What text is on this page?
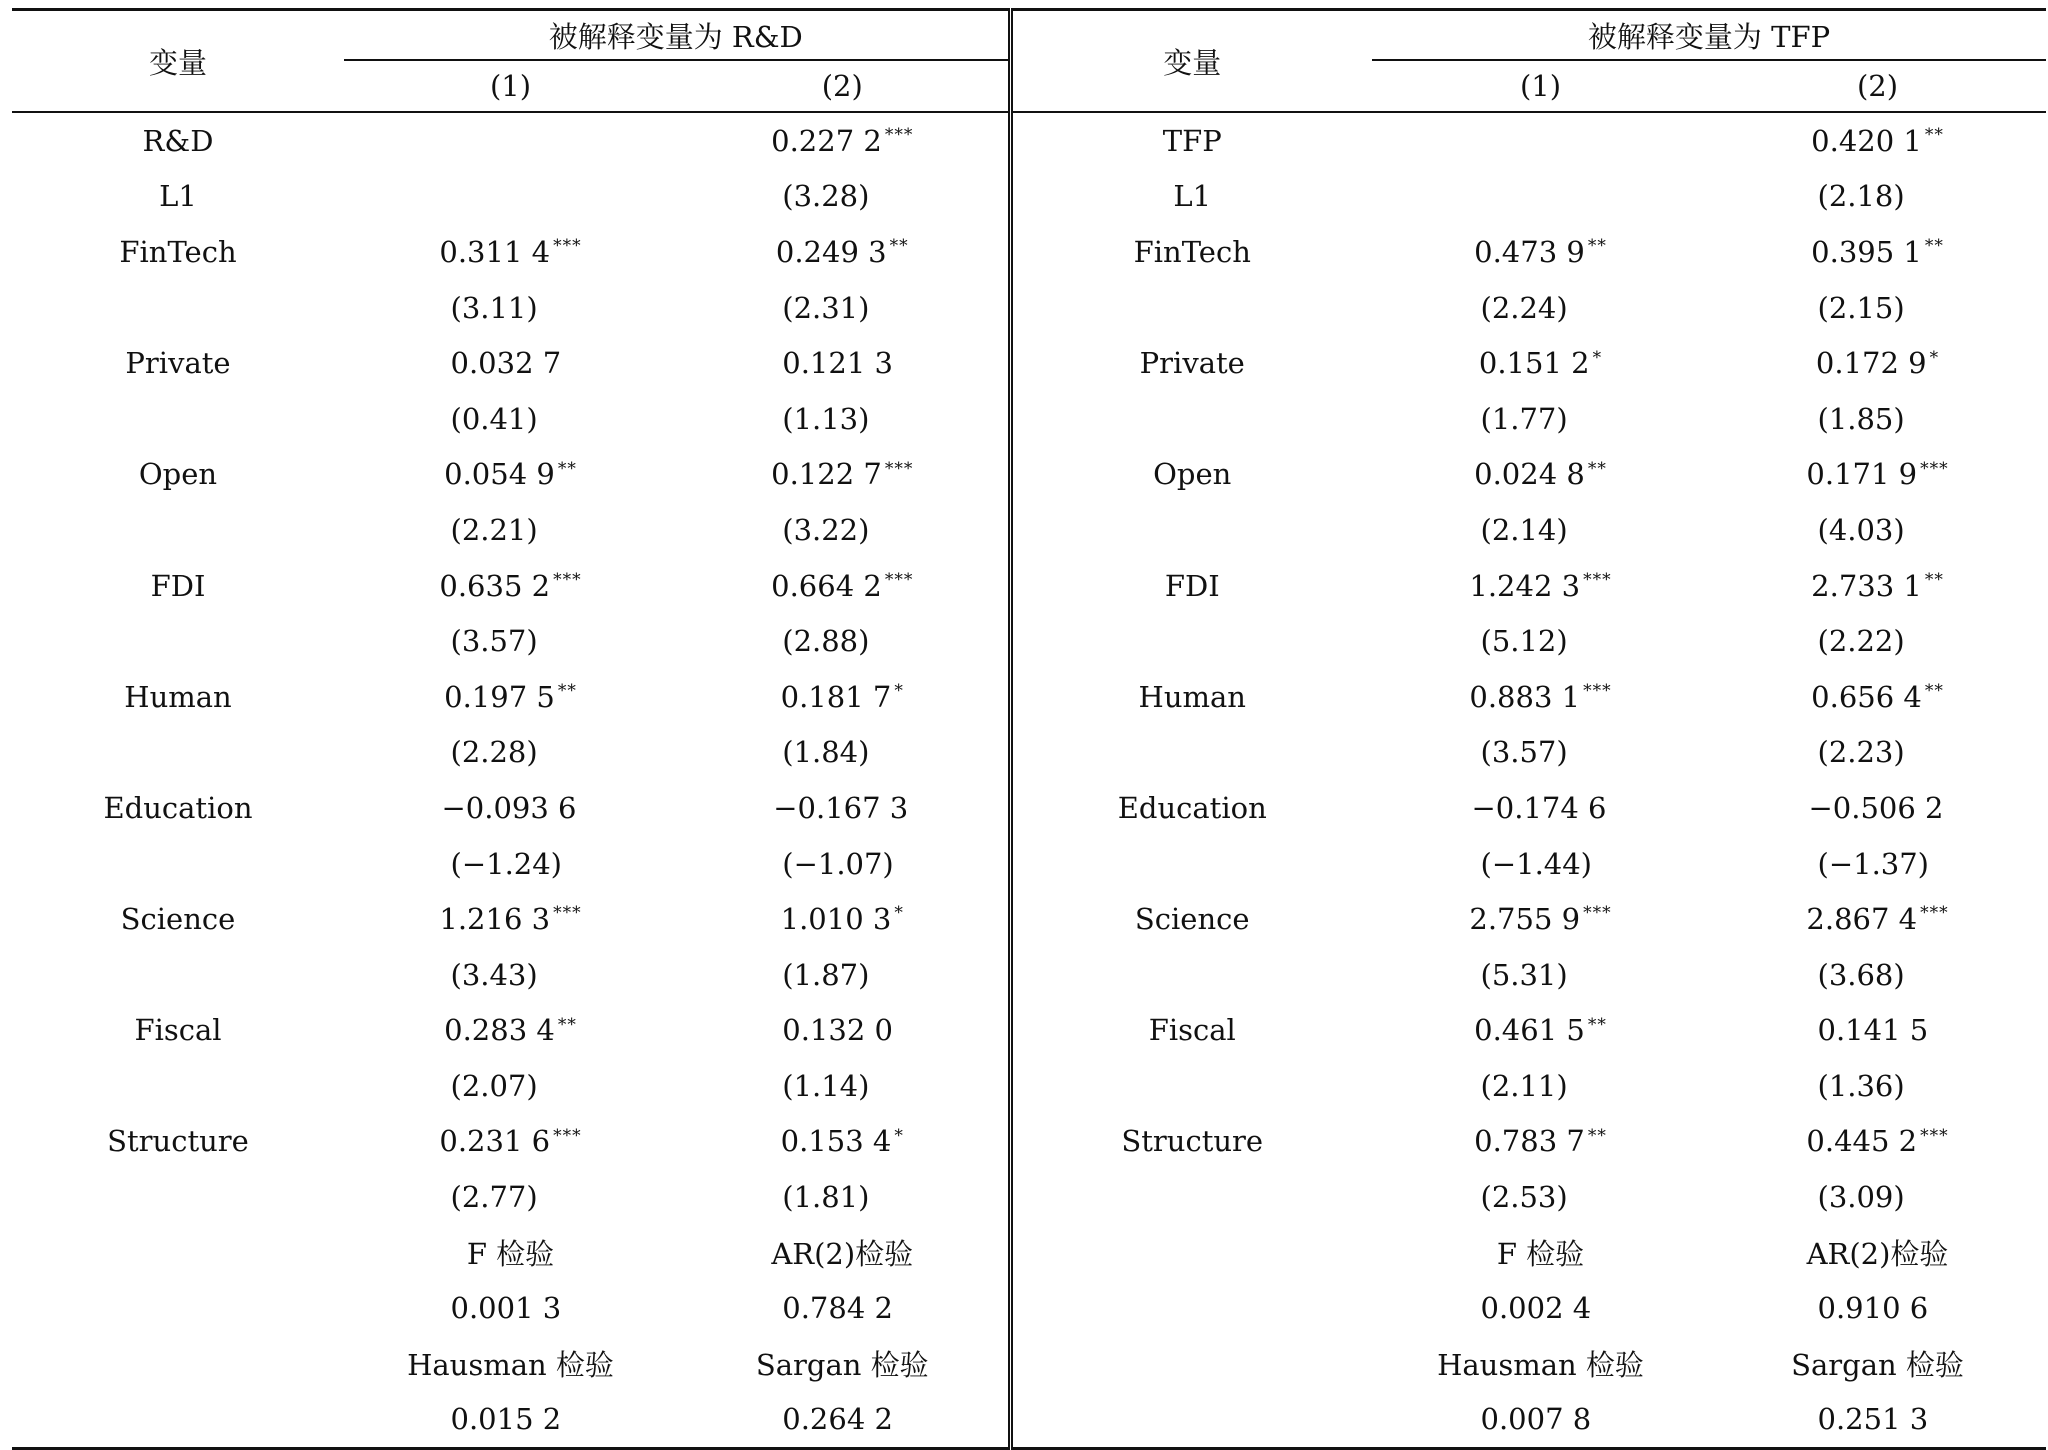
变量	被解释变量为 R&D		变量	被解释变量为 TFP	
	(1)	(2)		(1)	(2)
R&D		0.227 2 ***	TFP		0.420 1 **
L1		(3.28)	L1		(2.18)
FinTech	0.311 4 ***	0.249 3 **	FinTech	0.473 9 **	0.395 1 **
	(3.11)	(2.31)		(2.24)	(2.15)
Private	0.032 7	0.121 3	Private	0.151 2 *	0.172 9 *
	(0.41)	(1.13)		(1.77)	(1.85)
Open	0.054 9 **	0.122 7 ***	Open	0.024 8 **	0.171 9 ***
	(2.21)	(3.22)		(2.14)	(4.03)
FDI	0.635 2 ***	0.664 2 ***	FDI	1.242 3 ***	2.733 1 **
	(3.57)	(2.88)		(5.12)	(2.22)
Human	0.197 5 **	0.181 7 *	Human	0.883 1 ***	0.656 4 **
	(2.28)	(1.84)		(3.57)	(2.23)
Education	−0.093 6	−0.167 3	Education	−0.174 6	−0.506 2
	(−1.24)	(−1.07)		(−1.44)	(−1.37)
Science	1.216 3 ***	1.010 3 *	Science	2.755 9 ***	2.867 4 ***
	(3.43)	(1.87)		(5.31)	(3.68)
Fiscal	0.283 4 **	0.132 0	Fiscal	0.461 5 **	0.141 5
	(2.07)	(1.14)		(2.11)	(1.36)
Structure	0.231 6 ***	0.153 4 *	Structure	0.783 7 **	0.445 2 ***
	(2.77)	(1.81)		(2.53)	(3.09)
	F 检验	AR(2)检验		F 检验	AR(2)检验
	0.001 3	0.784 2		0.002 4	0.910 6
	Hausman 检验	Sargan 检验		Hausman 检验	Sargan 检验
	0.015 2	0.264 2		0.007 8	0.251 3
